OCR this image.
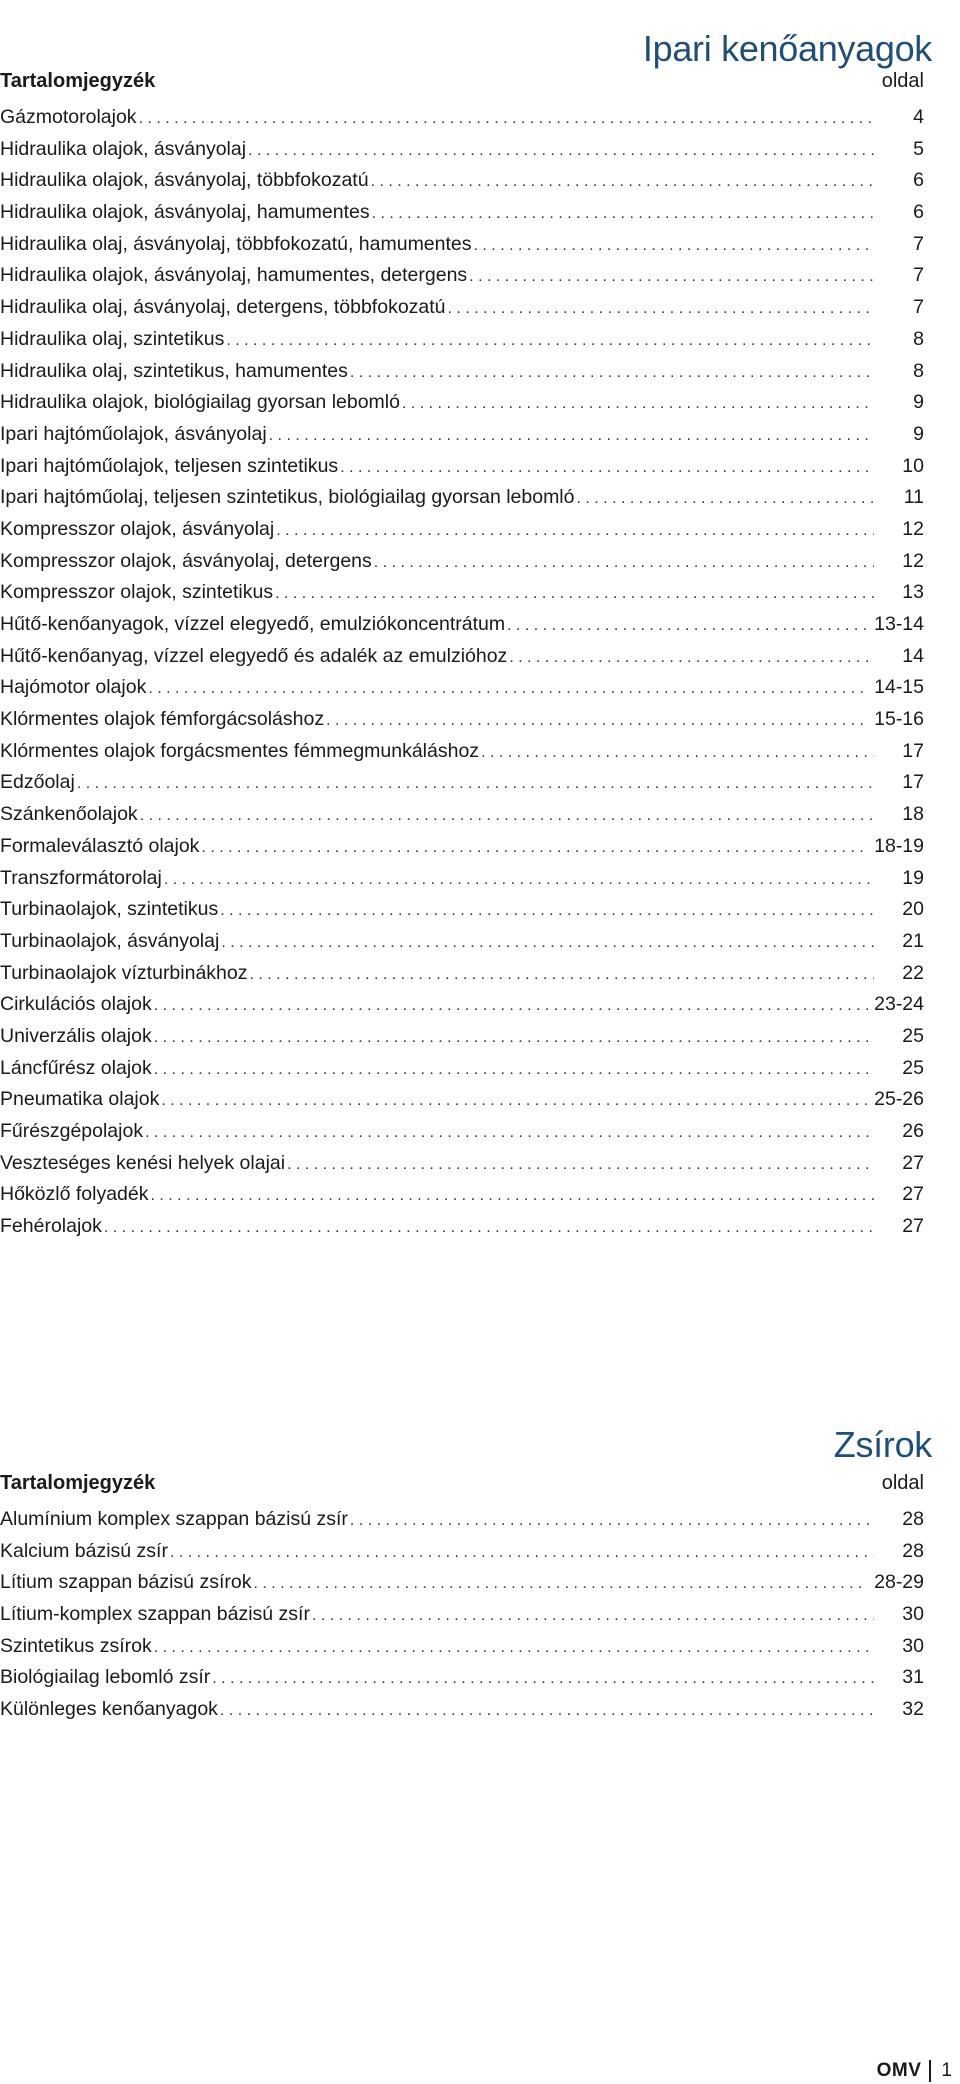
Ipari kenőanyagok
Tartalomjegyzék	oldal
Gázmotorolajok . . .	4
Hidraulika olajok, ásványolaj . . .	5
Hidraulika olajok, ásványolaj, többfokozatú . . .	6
Hidraulika olajok, ásványolaj, hamumentes . . .	6
Hidraulika olaj, ásványolaj, többfokozatú, hamumentes . . .	7
Hidraulika olajok, ásványolaj, hamumentes, detergens . . .	7
Hidraulika olaj, ásványolaj, detergens, többfokozatú . . .	7
Hidraulika olaj, szintetikus . . .	8
Hidraulika olaj, szintetikus, hamumentes . . .	8
Hidraulika olajok, biológiailag gyorsan lebomló . . .	9
Ipari hajtóműolajok, ásványolaj . . .	9
Ipari hajtóműolajok, teljesen szintetikus . . .	10
Ipari hajtóműolaj, teljesen szintetikus, biológiailag gyorsan lebomló . . .	11
Kompresszor olajok, ásványolaj . . .	12
Kompresszor olajok, ásványolaj, detergens . . .	12
Kompresszor olajok, szintetikus . . .	13
Hűtő-kenőanyagok, vízzel elegyedő, emulziókoncentrátum . . .	13-14
Hűtő-kenőanyag, vízzel elegyedő és adalék az emulzióhoz . . .	14
Hajómotor olajok . . .	14-15
Klórmentes olajok fémforgácsoláshoz . . .	15-16
Klórmentes olajok forgácsmentes fémmegmunkáláshoz . . .	17
Edzőolaj . . .	17
Szánkenőolajok . . .	18
Formaleválasztó olajok . . .	18-19
Transzformátorolaj . . .	19
Turbinaolajok, szintetikus . . .	20
Turbinaolajok, ásványolaj . . .	21
Turbinaolajok vízturbinákhoz . . .	22
Cirkulációs olajok . . .	23-24
Univerzális olajok . . .	25
Láncfűrész olajok . . .	25
Pneumatika olajok . . .	25-26
Fűrészgépolajok . . .	26
Veszteséges kenési helyek olajai . . .	27
Hőközlő folyadék . . .	27
Fehérolajok . . .	27
Zsírok
Tartalomjegyzék	oldal
Alumínium komplex szappan bázisú zsír . . .	28
Kalcium bázisú zsír . . .	28
Lítium szappan bázisú zsírok . . .	28-29
Lítium-komplex szappan bázisú zsír . . .	30
Szintetikus zsírok . . .	30
Biológiailag lebomló zsír . . .	31
Különleges kenőanyagok . . .	32
OMV 1
